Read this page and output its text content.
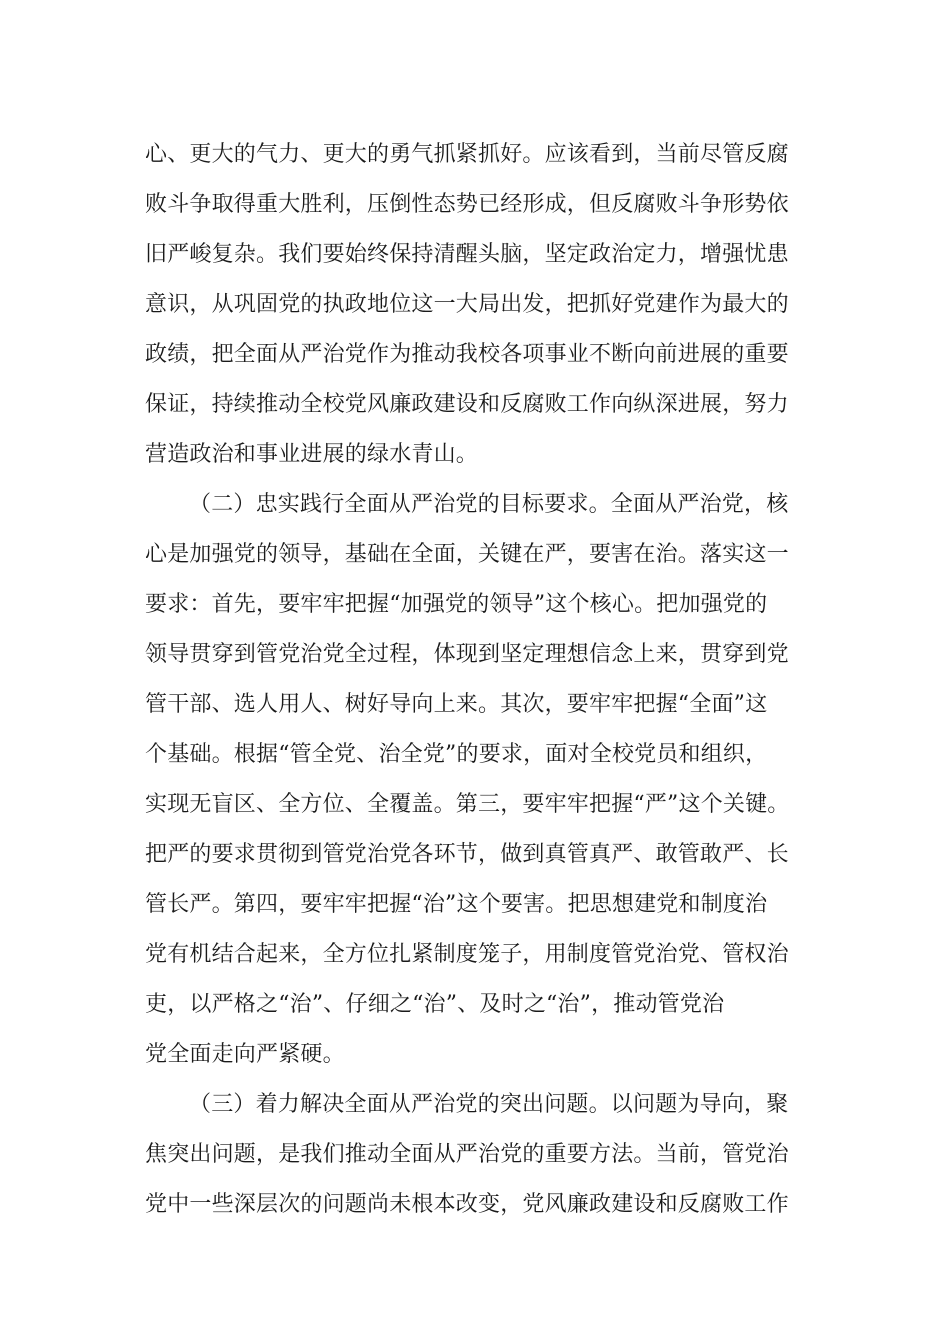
心、更大的气力、更大的勇气抓紧抓好。应该看到，当前尽管反腐
败斗争取得重大胜利，压倒性态势已经形成，但反腐败斗争形势依
旧严峻复杂。我们要始终保持清醒头脑，坚定政治定力，增强忧患
意识，从巩固党的执政地位这一大局出发，把抓好党建作为最大的
政绩，把全面从严治党作为推动我校各项事业不断向前进展的重要
保证，持续推动全校党风廉政建设和反腐败工作向纵深进展，努力
营造政治和事业进展的绿水青山。
（二）忠实践行全面从严治党的目标要求。全面从严治党，核
心是加强党的领导，基础在全面，关键在严，要害在治。落实这一
要求：首先，要牢牢把握“加强党的领导”这个核心。把加强党的
领导贯穿到管党治党全过程，体现到坚定理想信念上来，贯穿到党
管干部、选人用人、树好导向上来。其次，要牢牢把握“全面”这
个基础。根据“管全党、治全党”的要求，面对全校党员和组织，
实现无盲区、全方位、全覆盖。第三，要牢牢把握“严”这个关键。
把严的要求贯彻到管党治党各环节，做到真管真严、敢管敢严、长
管长严。第四，要牢牢把握“治”这个要害。把思想建党和制度治
党有机结合起来，全方位扎紧制度笼子，用制度管党治党、管权治
吏，以严格之“治”、仔细之“治”、及时之“治”，推动管党治
党全面走向严紧硬。
（三）着力解决全面从严治党的突出问题。以问题为导向，聚
焦突出问题，是我们推动全面从严治党的重要方法。当前，管党治
党中一些深层次的问题尚未根本改变，党风廉政建设和反腐败工作
